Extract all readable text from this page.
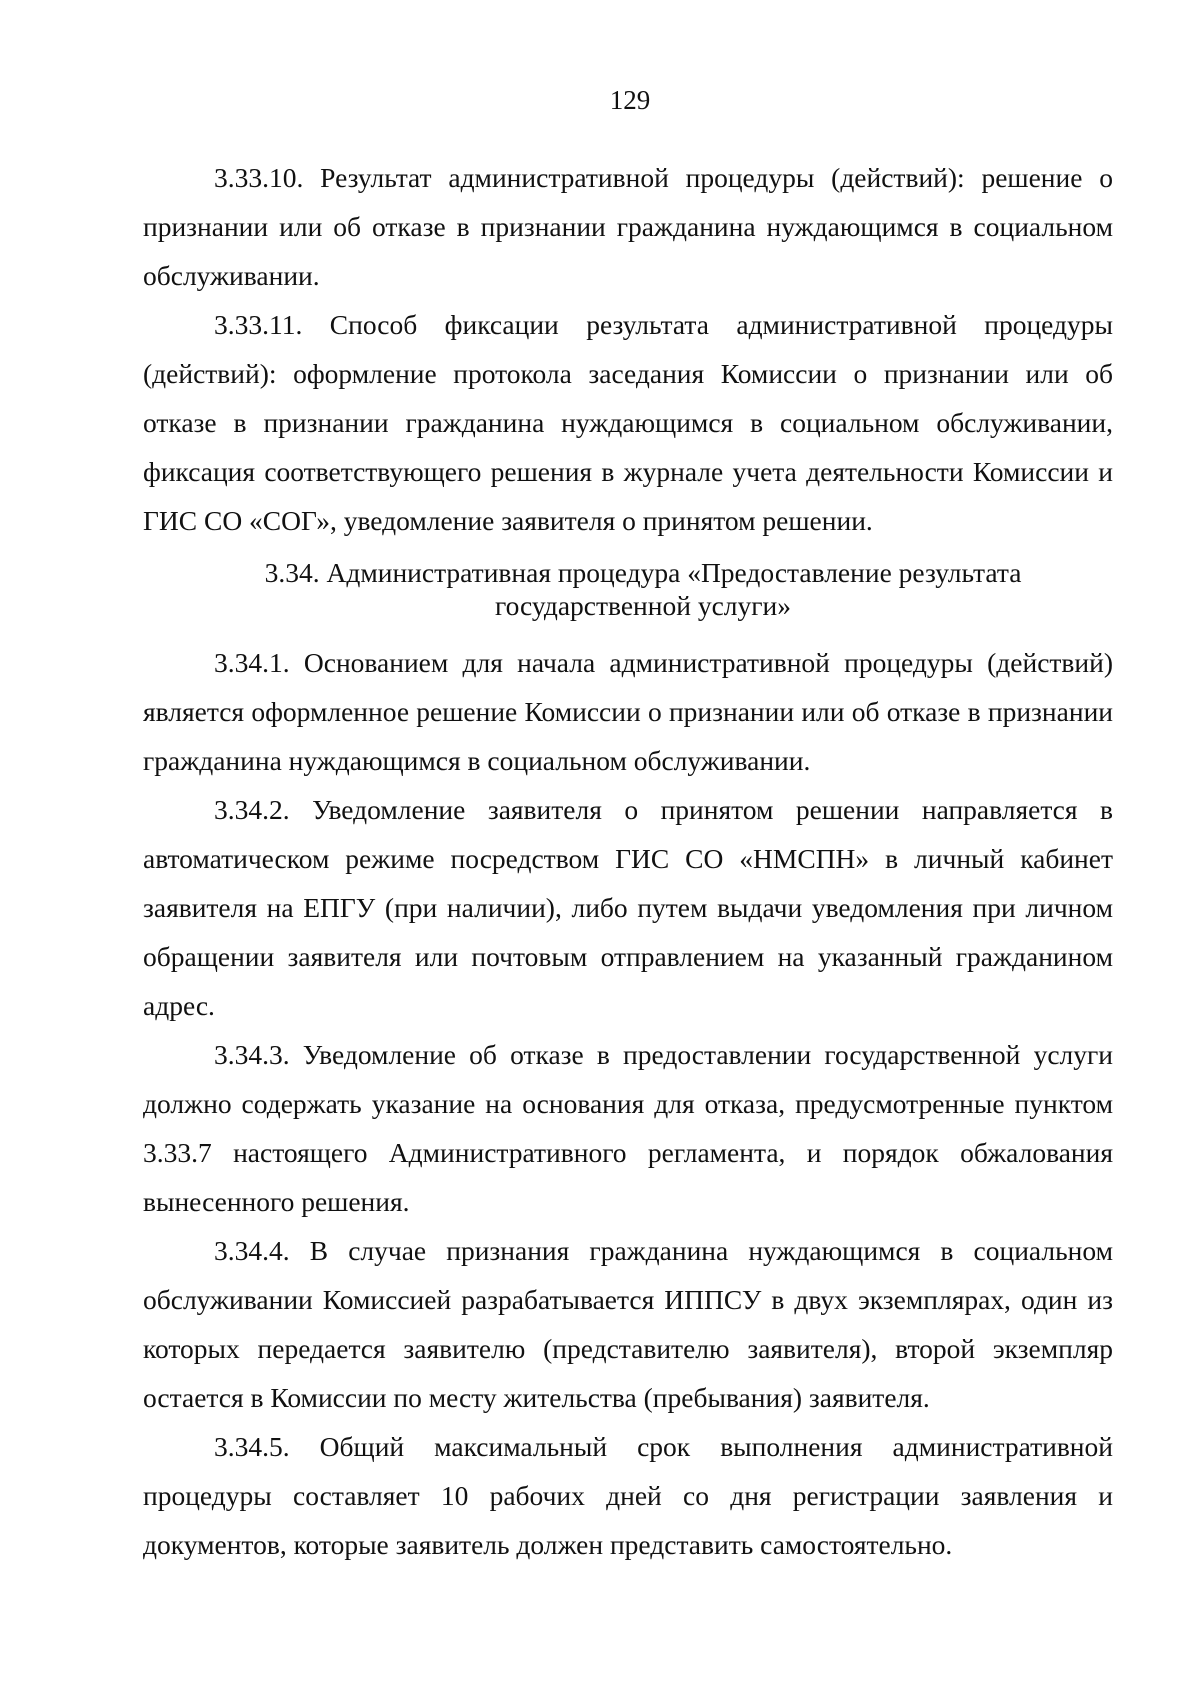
129

3.33.10. Результат административной процедуры (действий): решение о признании или об отказе в признании гражданина нуждающимся в социальном обслуживании.

3.33.11. Способ фиксации результата административной процедуры (действий): оформление протокола заседания Комиссии о признании или об отказе в признании гражданина нуждающимся в социальном обслуживании, фиксация соответствующего решения в журнале учета деятельности Комиссии и ГИС СО «СОГ», уведомление заявителя о принятом решении.

3.34. Административная процедура «Предоставление результата
государственной услуги»

3.34.1. Основанием для начала административной процедуры (действий) является оформленное решение Комиссии о признании или об отказе в признании гражданина нуждающимся в социальном обслуживании.

3.34.2. Уведомление заявителя о принятом решении направляется в автоматическом режиме посредством ГИС СО «НМСПН» в личный кабинет заявителя на ЕПГУ (при наличии), либо путем выдачи уведомления при личном обращении заявителя или почтовым отправлением на указанный гражданином адрес.

3.34.3. Уведомление об отказе в предоставлении государственной услуги должно содержать указание на основания для отказа, предусмотренные пунктом 3.33.7 настоящего Административного регламента, и порядок обжалования вынесенного решения.

3.34.4. В случае признания гражданина нуждающимся в социальном обслуживании Комиссией разрабатывается ИППСУ в двух экземплярах, один из которых передается заявителю (представителю заявителя), второй экземпляр остается в Комиссии по месту жительства (пребывания) заявителя.

3.34.5. Общий максимальный срок выполнения административной процедуры составляет 10 рабочих дней со дня регистрации заявления и документов, которые заявитель должен представить самостоятельно.
